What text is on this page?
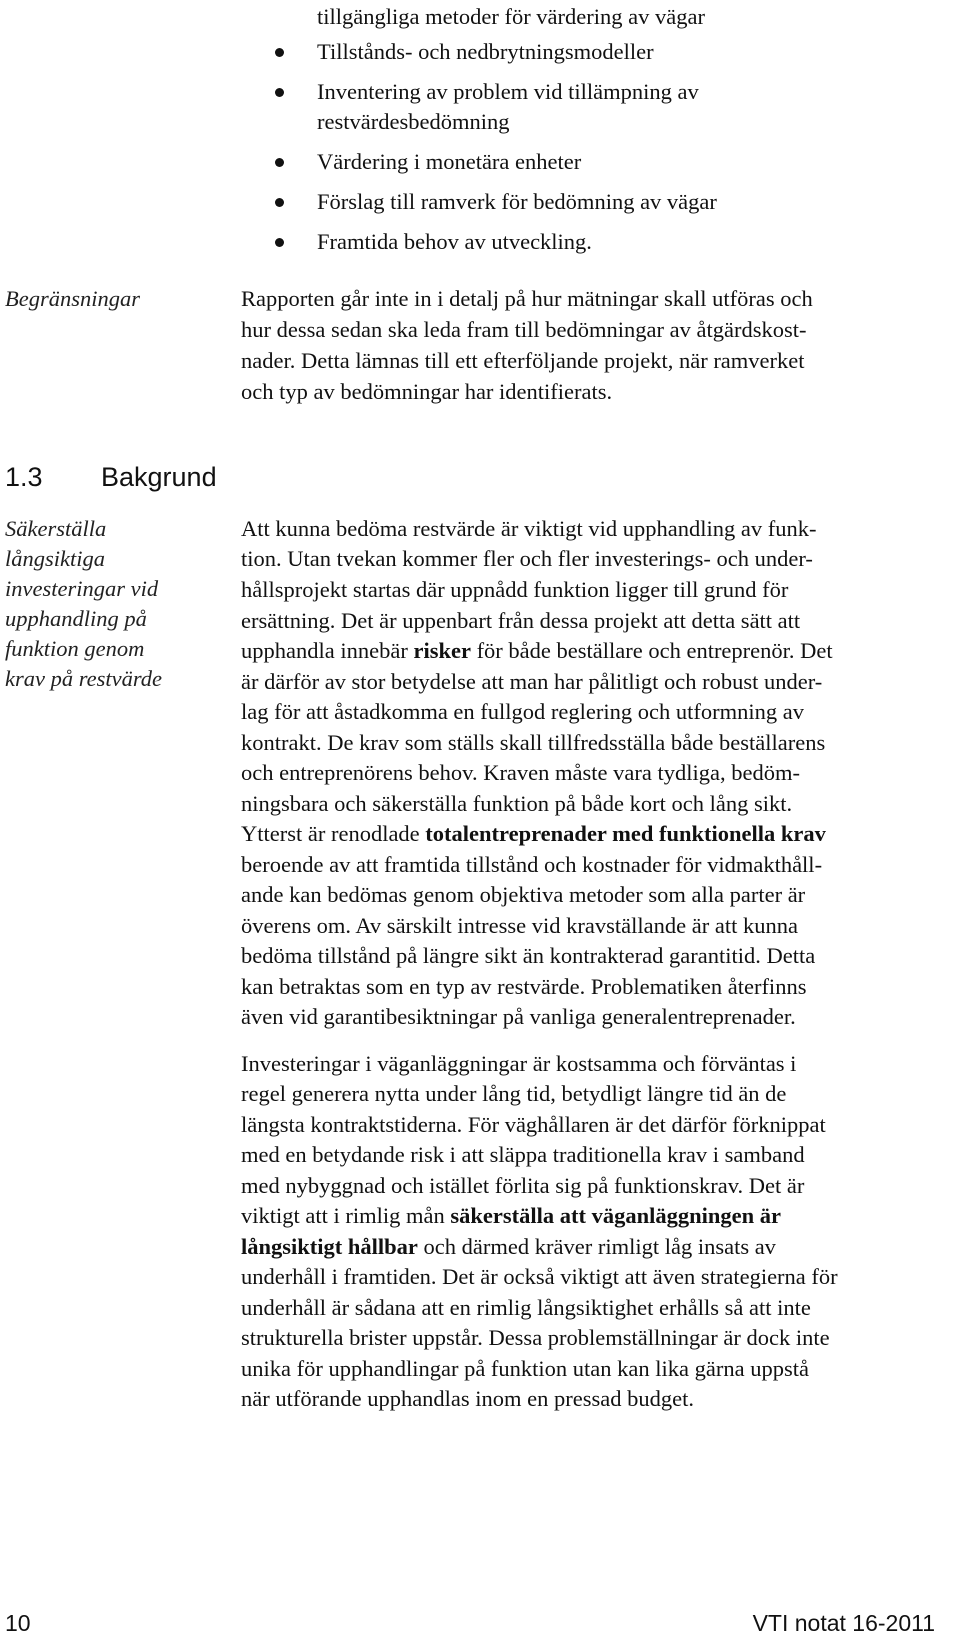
tillgängliga metoder för värdering av vägar
Tillstånds- och nedbrytningsmodeller
Inventering av problem vid tillämpning av
restvärdesbedömning
Värdering i monetära enheter
Förslag till ramverk för bedömning av vägar
Framtida behov av utveckling.
Begränsningar	Rapporten går inte in i detalj på hur mätningar skall utföras och
hur dessa sedan ska leda fram till bedömningar av åtgärdskost-
nader. Detta lämnas till ett efterföljande projekt, när ramverket
och typ av bedömningar har identifierats.
1.3 Bakgrund
Säkerställa
långsiktiga
investeringar vid
upphandling på
funktion genom
krav på restvärde
Att kunna bedöma restvärde är viktigt vid upphandling av funk-
tion. Utan tvekan kommer fler och fler investerings- och under-
hållsprojekt startas där uppnådd funktion ligger till grund för
ersättning. Det är uppenbart från dessa projekt att detta sätt att
upphandla innebär risker för både beställare och entreprenör. Det
är därför av stor betydelse att man har pålitligt och robust under-
lag för att åstadkomma en fullgod reglering och utformning av
kontrakt. De krav som ställs skall tillfredsställa både beställarens
och entreprenörens behov. Kraven måste vara tydliga, bedöm-
ningsbara och säkerställa funktion på både kort och lång sikt.
Ytterst är renodlade totalentreprenader med funktionella krav
beroende av att framtida tillstånd och kostnader för vidmakthåll-
ande kan bedömas genom objektiva metoder som alla parter är
överens om. Av särskilt intresse vid kravställande är att kunna
bedöma tillstånd på längre sikt än kontrakterad garantitid. Detta
kan betraktas som en typ av restvärde. Problematiken återfinns
även vid garantibesiktningar på vanliga generalentreprenader.
Investeringar i väganläggningar är kostsamma och förväntas i
regel generera nytta under lång tid, betydligt längre tid än de
längsta kontraktstiderna. För väghållaren är det därför förknippat
med en betydande risk i att släppa traditionella krav i samband
med nybyggnad och istället förlita sig på funktionskrav. Det är
viktigt att i rimlig mån säkerställa att väganläggningen är
långsiktigt hållbar och därmed kräver rimligt låg insats av
underhåll i framtiden. Det är också viktigt att även strategierna för
underhåll är sådana att en rimlig långsiktighet erhålls så att inte
strukturella brister uppstår. Dessa problemställningar är dock inte
unika för upphandlingar på funktion utan kan lika gärna uppstå
när utförande upphandlas inom en pressad budget.
10	VTI notat 16-2011
